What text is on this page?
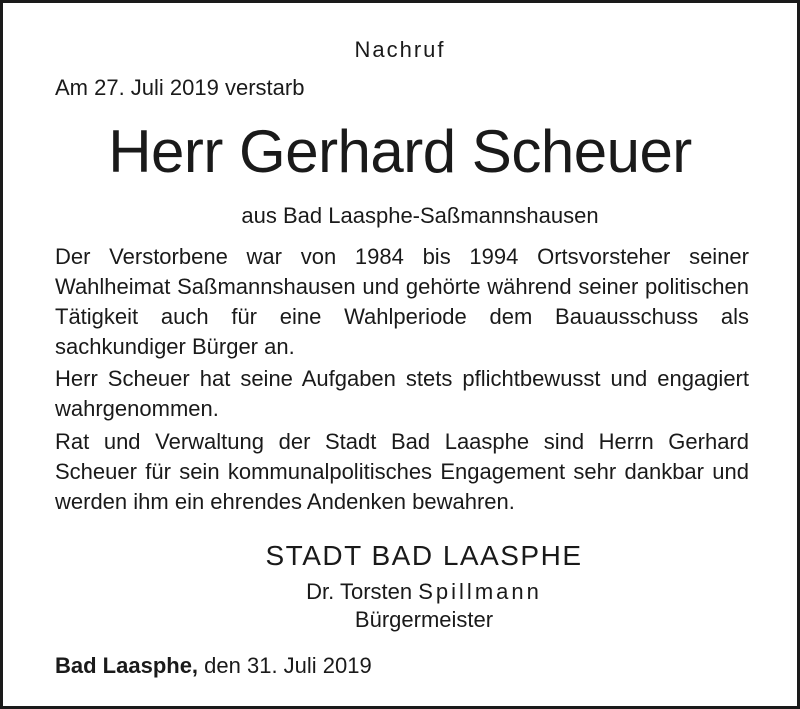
Nachruf
Am 27. Juli 2019 verstarb
Herr Gerhard Scheuer
aus Bad Laasphe-Saßmannshausen

Der Verstorbene war von 1984 bis 1994 Ortsvorsteher seiner Wahlheimat Saßmannshausen und gehörte während seiner politischen Tätigkeit auch für eine Wahlperiode dem Bauausschuss als sachkundiger Bürger an.

Herr Scheuer hat seine Aufgaben stets pflichtbewusst und engagiert wahrgenommen.

Rat und Verwaltung der Stadt Bad Laasphe sind Herrn Gerhard Scheuer für sein kommunalpolitisches Engagement sehr dankbar und werden ihm ein ehrendes Andenken bewahren.

STADT BAD LAASPHE
Dr. Torsten Spillmann
Bürgermeister
Bad Laasphe, den 31. Juli 2019
